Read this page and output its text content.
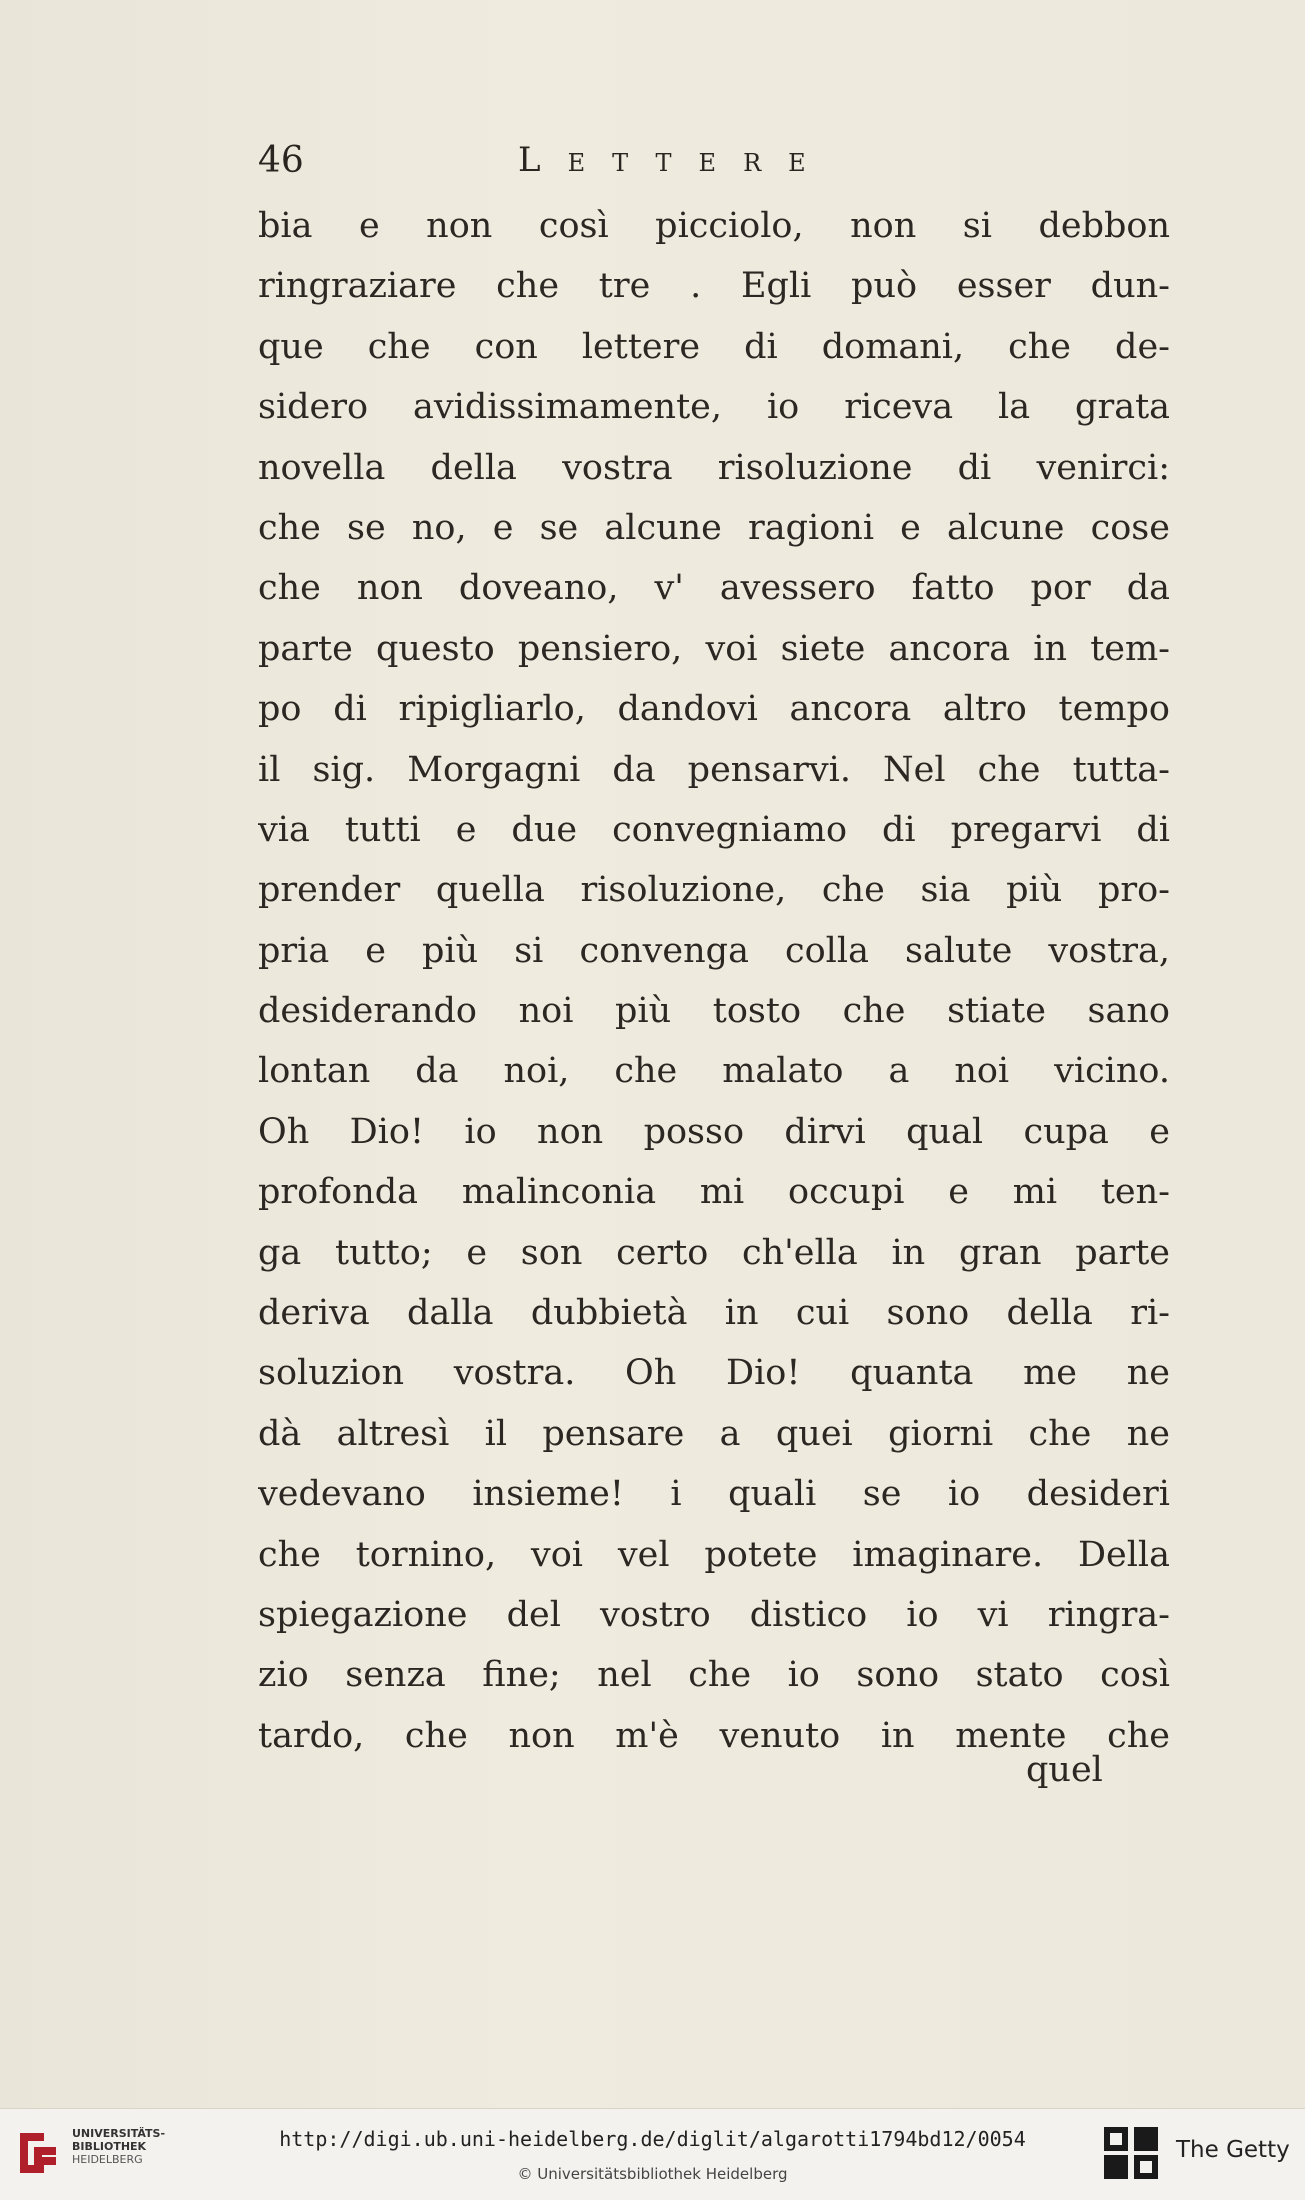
46	Lettere
bia e non così picciolo, non si debbon
ringraziare che tre . Egli può esser dun-
que che con lettere di domani, che de-
sidero avidissimamente, io riceva la grata
novella della vostra risoluzione di venirci:
che se no, e se alcune ragioni e alcune cose
che non doveano, v' avessero fatto por da
parte questo pensiero, voi siete ancora in tem-
po di ripigliarlo, dandovi ancora altro tempo
il sig. Morgagni da pensarvi. Nel che tutta-
via tutti e due convegniamo di pregarvi di
prender quella risoluzione, che sia più pro-
pria e più si convenga colla salute vostra,
desiderando noi più tosto che stiate sano
lontan da noi, che malato a noi vicino.
Oh Dio! io non posso dirvi qual cupa e
profonda malinconia mi occupi e mi ten-
ga tutto; e son certo ch'ella in gran parte
deriva dalla dubbietà in cui sono della ri-
soluzion vostra. Oh Dio! quanta me ne
dà altresì il pensare a quei giorni che ne
vedevano insieme! i quali se io desideri
che tornino, voi vel potete imaginare. Della
spiegazione del vostro distico io vi ringra-
zio senza fine; nel che io sono stato così
tardo, che non m'è venuto in mente che
quel
UNIVERSITÄTS-
BIBLIOTHEK
HEIDELBERG
http://digi.ub.uni-heidelberg.de/diglit/algarotti1794bd12/0054
© Universitätsbibliothek Heidelberg
The Getty
